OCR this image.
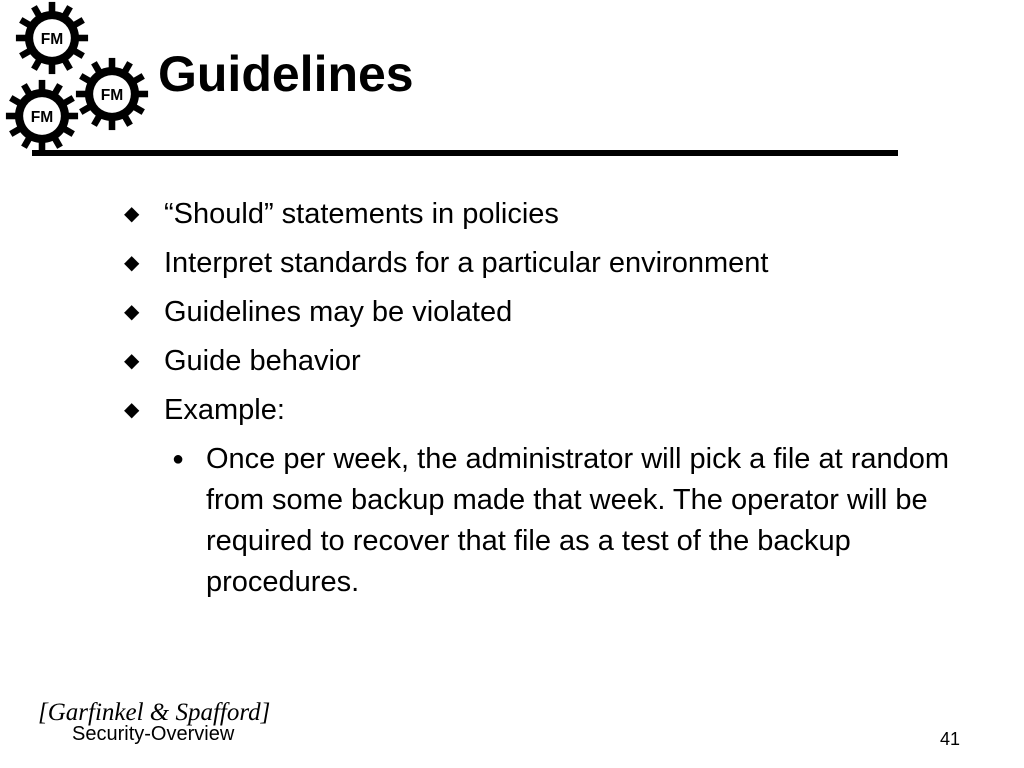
FM
FM
FM
Guidelines
◆ “Should” statements in policies
◆ Interpret standards for a particular environment
◆ Guidelines may be violated
◆ Guide behavior
◆ Example:
● Once per week, the administrator will pick a file at random from some backup made that week. The operator will be required to recover that file as a test of the backup procedures.
[Garfinkel & Spafford]
Security-Overview	41
